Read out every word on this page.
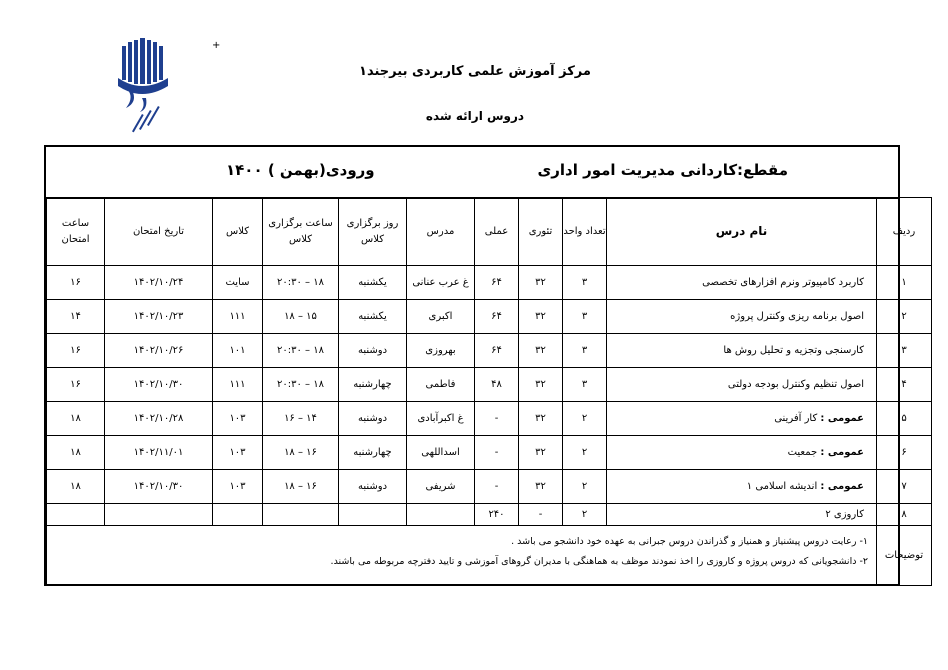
+
مرکز آموزش علمی کاربردی بیرجند۱
دروس ارائه شده
مقطع:کاردانی مدیریت امور اداری
ورودی(بهمن ) ۱۴۰۰
ردیف	نام درس	تعداد واحد	تئوری	عملی	مدرس	روز برگزاری کلاس	ساعت برگزاری کلاس	کلاس	تاریخ امتحان	ساعت امتحان
۱	کاربرد کامپیوتر ونرم افزارهای تخصصی	۳	۳۲	۶۴	غ عرب عنانی	یکشنبه	۱۸ – ۲۰:۳۰	سایت	۱۴۰۲/۱۰/۲۴	۱۶
۲	اصول برنامه ریزی وکنترل پروژه	۳	۳۲	۶۴	اکبری	یکشنبه	۱۵ – ۱۸	۱۱۱	۱۴۰۲/۱۰/۲۳	۱۴
۳	کارسنجی وتجزیه و تحلیل روش ها	۳	۳۲	۶۴	بهروزی	دوشنبه	۱۸ – ۲۰:۳۰	۱۰۱	۱۴۰۲/۱۰/۲۶	۱۶
۴	اصول تنظیم وکنترل بودجه دولتی	۳	۳۲	۴۸	فاطمی	چهارشنبه	۱۸ – ۲۰:۳۰	۱۱۱	۱۴۰۲/۱۰/۳۰	۱۶
۵	عمومی : کار آفرینی	۲	۳۲	-	غ اکبرآبادی	دوشنبه	۱۴ – ۱۶	۱۰۳	۱۴۰۲/۱۰/۲۸	۱۸
۶	عمومی : جمعیت	۲	۳۲	-	اسداللهی	چهارشنبه	۱۶ – ۱۸	۱۰۳	۱۴۰۲/۱۱/۰۱	۱۸
۷	عمومی : اندیشه اسلامی ۱	۲	۳۲	-	شریفی	دوشنبه	۱۶ – ۱۸	۱۰۳	۱۴۰۲/۱۰/۳۰	۱۸
۸	کاروزی ۲	۲	-	۲۴۰						
توضیحات	۱- رعایت دروس پیشنیاز و همنیاز و گذراندن دروس جبرانی به عهده خود دانشجو می باشد .
۲- دانشجویانی که دروس پروژه و کاروزی را اخذ نمودند موظف به هماهنگی با مدیران گروهای آموزشی و تایید دفترچه مربوطه می باشند.									
